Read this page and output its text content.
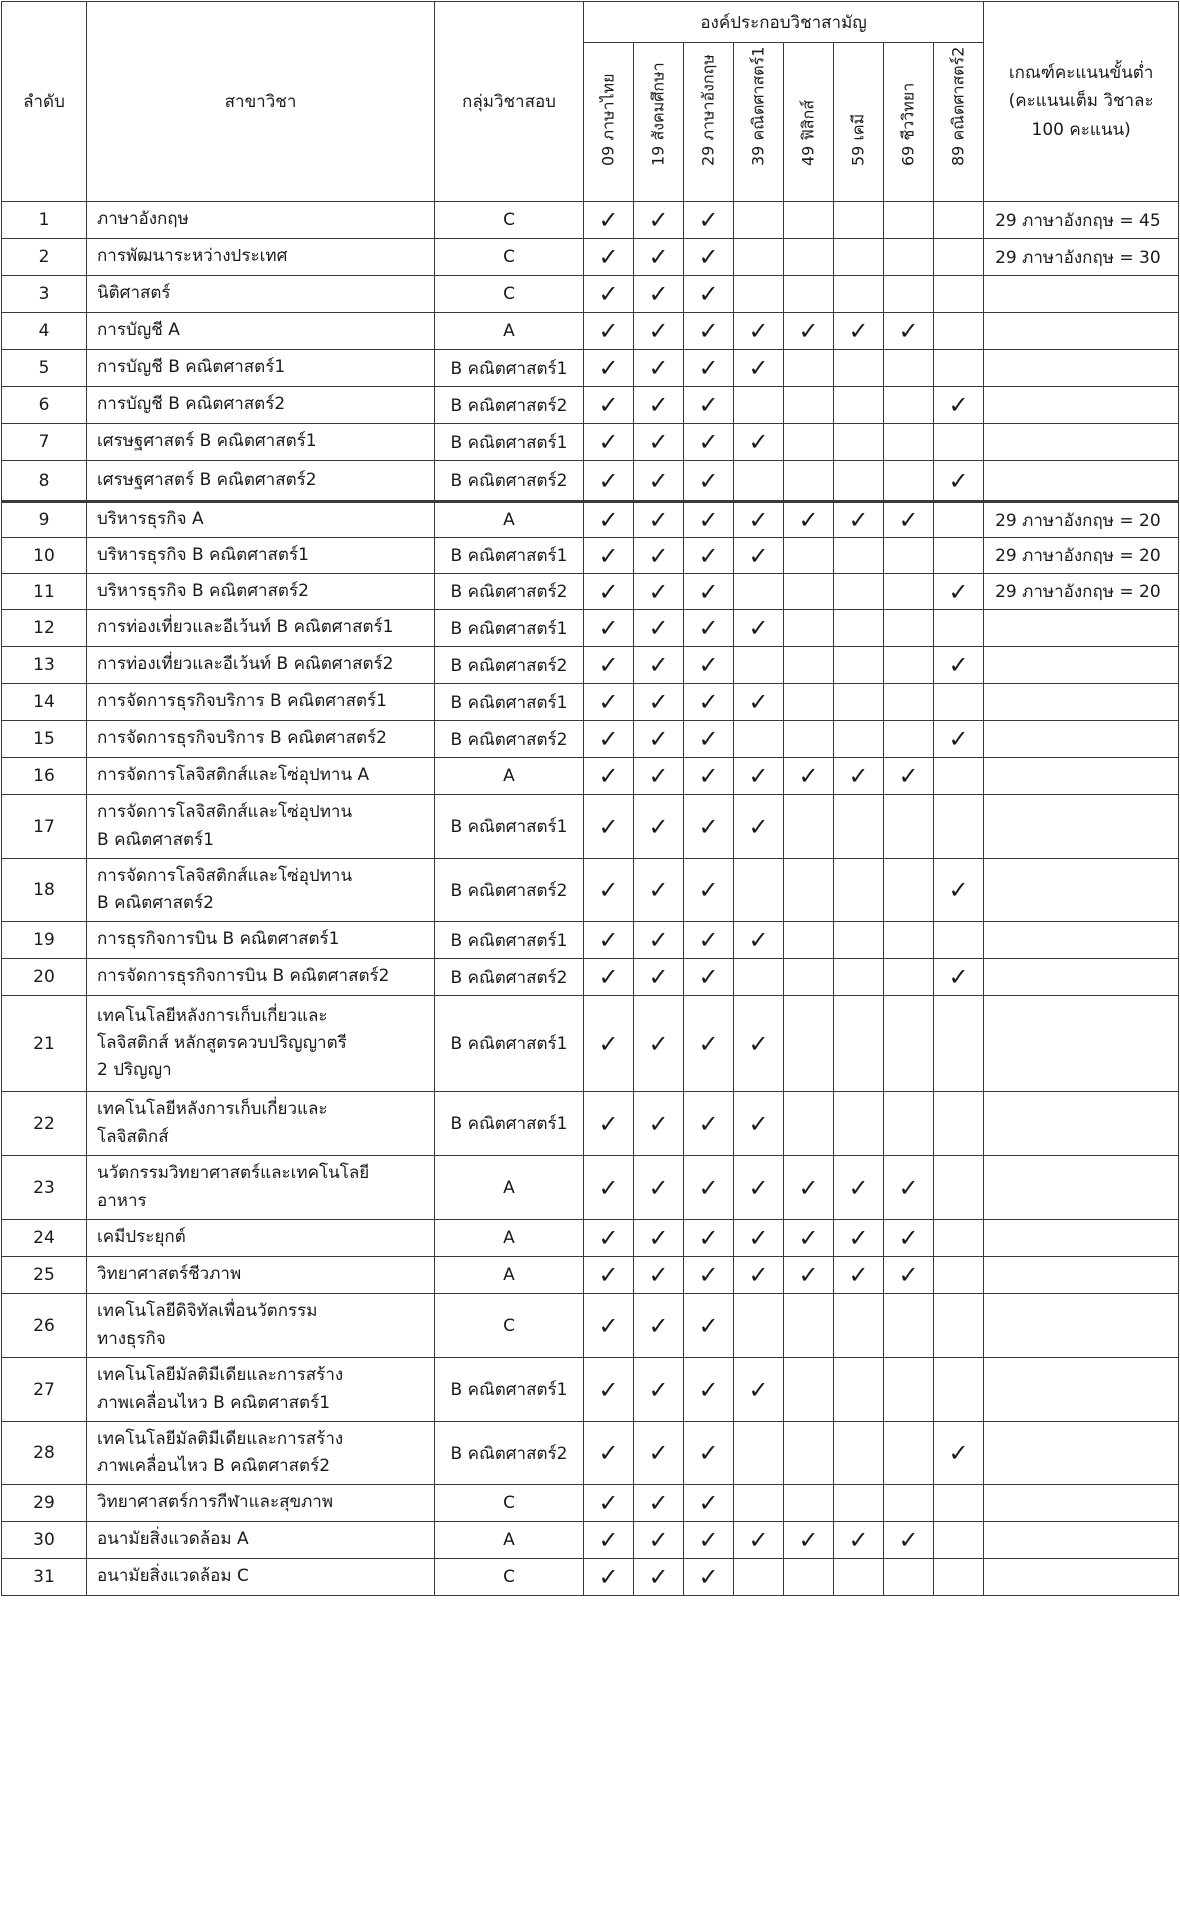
ลำดับ	สาขาวิชา	กลุ่มวิชาสอบ	องค์ประกอบวิชาสามัญ								เกณฑ์คะแนนขั้นต่ำ
(คะแนนเต็ม วิชาละ
100 คะแนน)

			09 ภาษาไทย	19 สังคมศึกษา	29 ภาษาอังกฤษ	39 คณิตศาสตร์1	49 ฟิสิกส์	59 เคมี	69 ชีววิทยา	89 คณิตศาสตร์2	

1	ภาษาอังกฤษ	C	✓	✓	✓						29 ภาษาอังกฤษ = 45
2	การพัฒนาระหว่างประเทศ	C	✓	✓	✓						29 ภาษาอังกฤษ = 30
3	นิติศาสตร์	C	✓	✓	✓						
4	การบัญชี A	A	✓	✓	✓	✓	✓	✓	✓		
5	การบัญชี B คณิตศาสตร์1	B คณิตศาสตร์1	✓	✓	✓	✓					
6	การบัญชี B คณิตศาสตร์2	B คณิตศาสตร์2	✓	✓	✓					✓	
7	เศรษฐศาสตร์ B คณิตศาสตร์1	B คณิตศาสตร์1	✓	✓	✓	✓					
8	เศรษฐศาสตร์ B คณิตศาสตร์2	B คณิตศาสตร์2	✓	✓	✓					✓	
9	บริหารธุรกิจ A	A	✓	✓	✓	✓	✓	✓	✓		29 ภาษาอังกฤษ = 20
10	บริหารธุรกิจ B คณิตศาสตร์1	B คณิตศาสตร์1	✓	✓	✓	✓					29 ภาษาอังกฤษ = 20
11	บริหารธุรกิจ B คณิตศาสตร์2	B คณิตศาสตร์2	✓	✓	✓					✓	29 ภาษาอังกฤษ = 20
12	การท่องเที่ยวและอีเว้นท์ B คณิตศาสตร์1	B คณิตศาสตร์1	✓	✓	✓	✓					
13	การท่องเที่ยวและอีเว้นท์ B คณิตศาสตร์2	B คณิตศาสตร์2	✓	✓	✓					✓	
14	การจัดการธุรกิจบริการ B คณิตศาสตร์1	B คณิตศาสตร์1	✓	✓	✓	✓					
15	การจัดการธุรกิจบริการ B คณิตศาสตร์2	B คณิตศาสตร์2	✓	✓	✓					✓	
16	การจัดการโลจิสติกส์และโซ่อุปทาน A	A	✓	✓	✓	✓	✓	✓	✓		
17	การจัดการโลจิสติกส์และโซ่อุปทาน
B คณิตศาสตร์1	B คณิตศาสตร์1	✓	✓	✓	✓					
18	การจัดการโลจิสติกส์และโซ่อุปทาน
B คณิตศาสตร์2	B คณิตศาสตร์2	✓	✓	✓					✓	
19	การธุรกิจการบิน B คณิตศาสตร์1	B คณิตศาสตร์1	✓	✓	✓	✓					
20	การจัดการธุรกิจการบิน B คณิตศาสตร์2	B คณิตศาสตร์2	✓	✓	✓					✓	
21	เทคโนโลยีหลังการเก็บเกี่ยวและ
โลจิสติกส์ หลักสูตรควบปริญญาตรี
2 ปริญญา	B คณิตศาสตร์1	✓	✓	✓	✓					
22	เทคโนโลยีหลังการเก็บเกี่ยวและ
โลจิสติกส์	B คณิตศาสตร์1	✓	✓	✓	✓					
23	นวัตกรรมวิทยาศาสตร์และเทคโนโลยี
อาหาร	A	✓	✓	✓	✓	✓	✓	✓		
24	เคมีประยุกต์	A	✓	✓	✓	✓	✓	✓	✓		
25	วิทยาศาสตร์ชีวภาพ	A	✓	✓	✓	✓	✓	✓	✓		
26	เทคโนโลยีดิจิทัลเพื่อนวัตกรรม
ทางธุรกิจ	C	✓	✓	✓						
27	เทคโนโลยีมัลติมีเดียและการสร้าง
ภาพเคลื่อนไหว B คณิตศาสตร์1	B คณิตศาสตร์1	✓	✓	✓	✓					
28	เทคโนโลยีมัลติมีเดียและการสร้าง
ภาพเคลื่อนไหว B คณิตศาสตร์2	B คณิตศาสตร์2	✓	✓	✓					✓	
29	วิทยาศาสตร์การกีฬาและสุขภาพ	C	✓	✓	✓						
30	อนามัยสิ่งแวดล้อม A	A	✓	✓	✓	✓	✓	✓	✓		
31	อนามัยสิ่งแวดล้อม C	C	✓	✓	✓						
